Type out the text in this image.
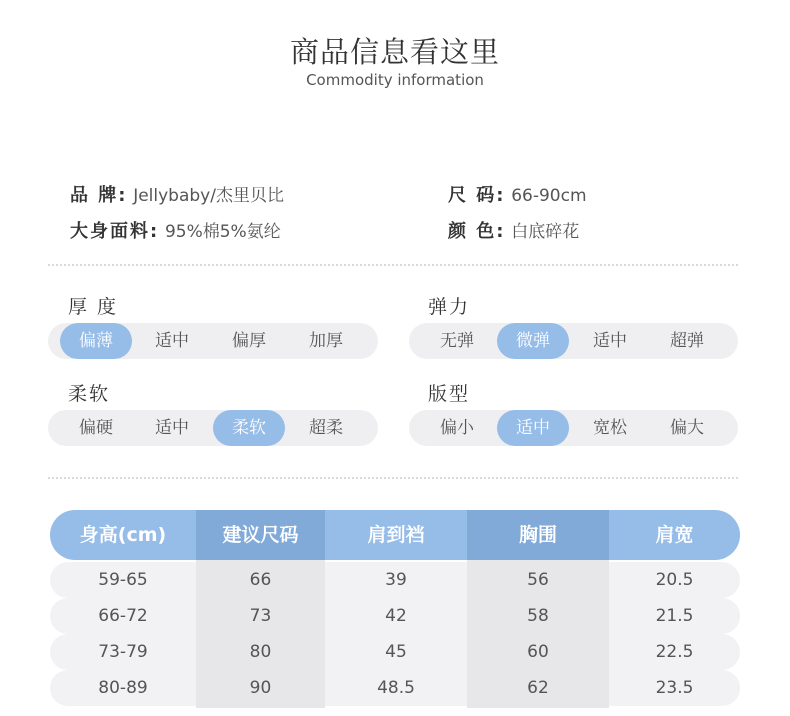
商品信息看这里
Commodity information
品 牌: Jellybaby/杰里贝比	尺 码: 66-90cm
大身面料: 95%棉5%氨纶	颜 色: 白底碎花
厚 度
偏薄	适中	偏厚	加厚
弹力
无弹	微弹	适中	超弹
柔软
偏硬	适中	柔软	超柔
版型
偏小	适中	宽松	偏大
身高(cm)	建议尺码	肩到裆	胸围	肩宽
59-65	66	39	56	20.5
66-72	73	42	58	21.5
73-79	80	45	60	22.5
80-89	90	48.5	62	23.5
